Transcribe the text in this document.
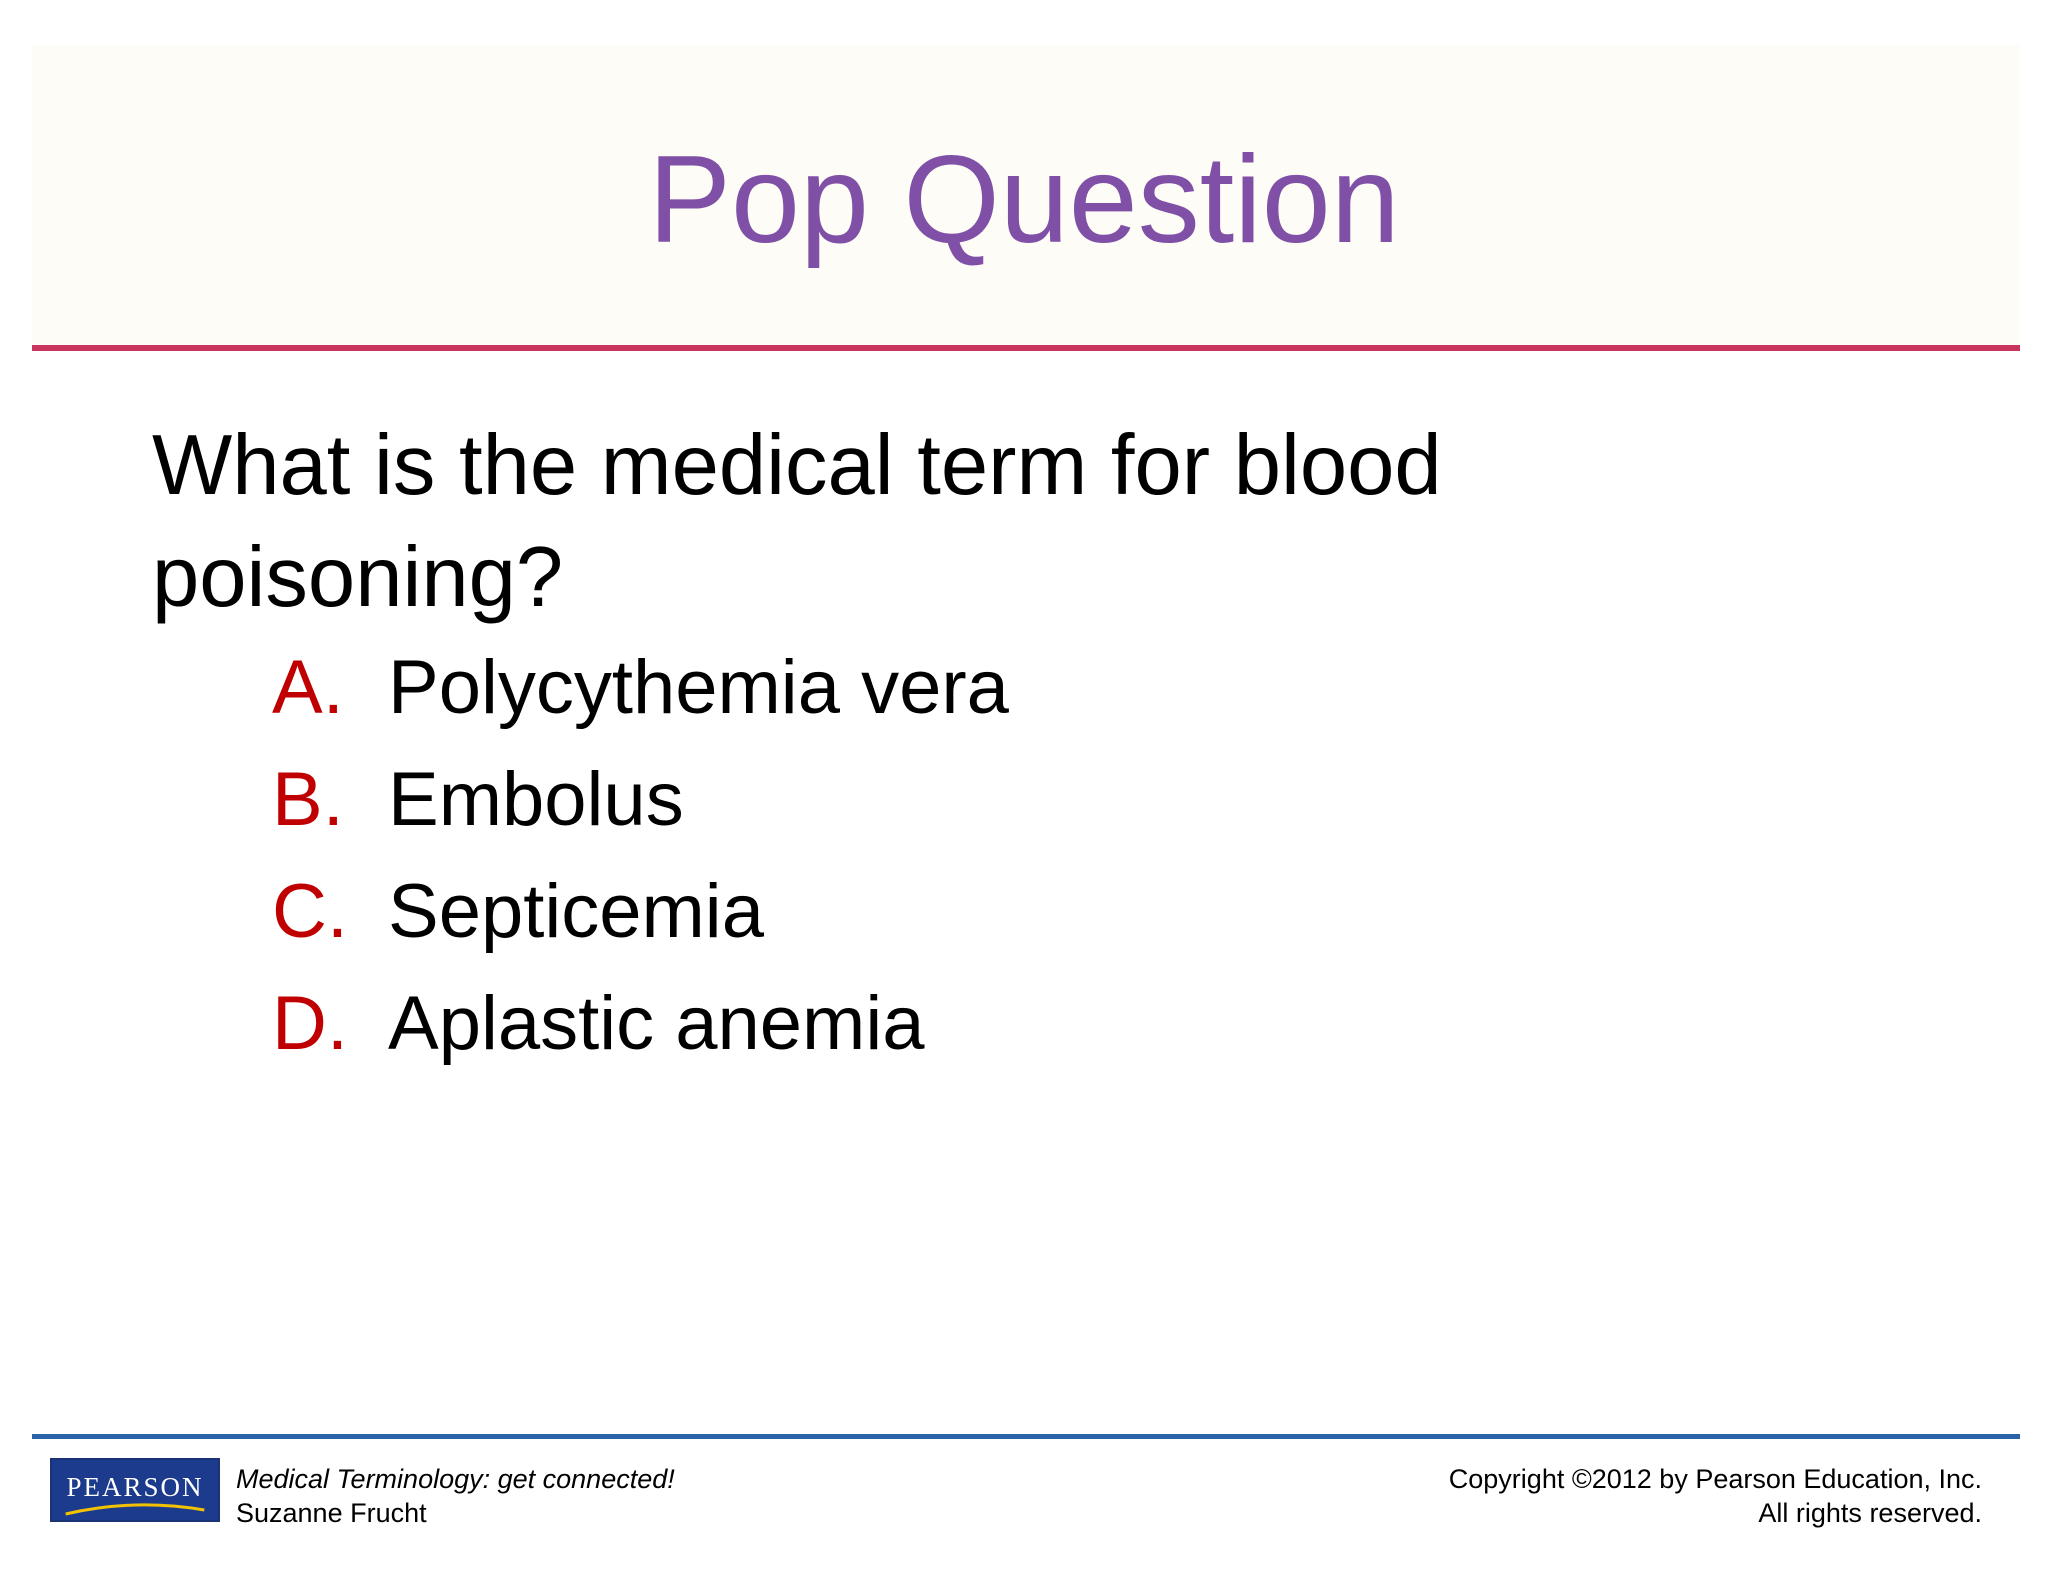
Pop Question

What is the medical term for blood poisoning?

A. Polycythemia vera
B. Embolus
C. Septicemia
D. Aplastic anemia
PEARSON	Medical Terminology: get connected!
Suzanne Frucht
Copyright ©2012 by Pearson Education, Inc.
All rights reserved.
